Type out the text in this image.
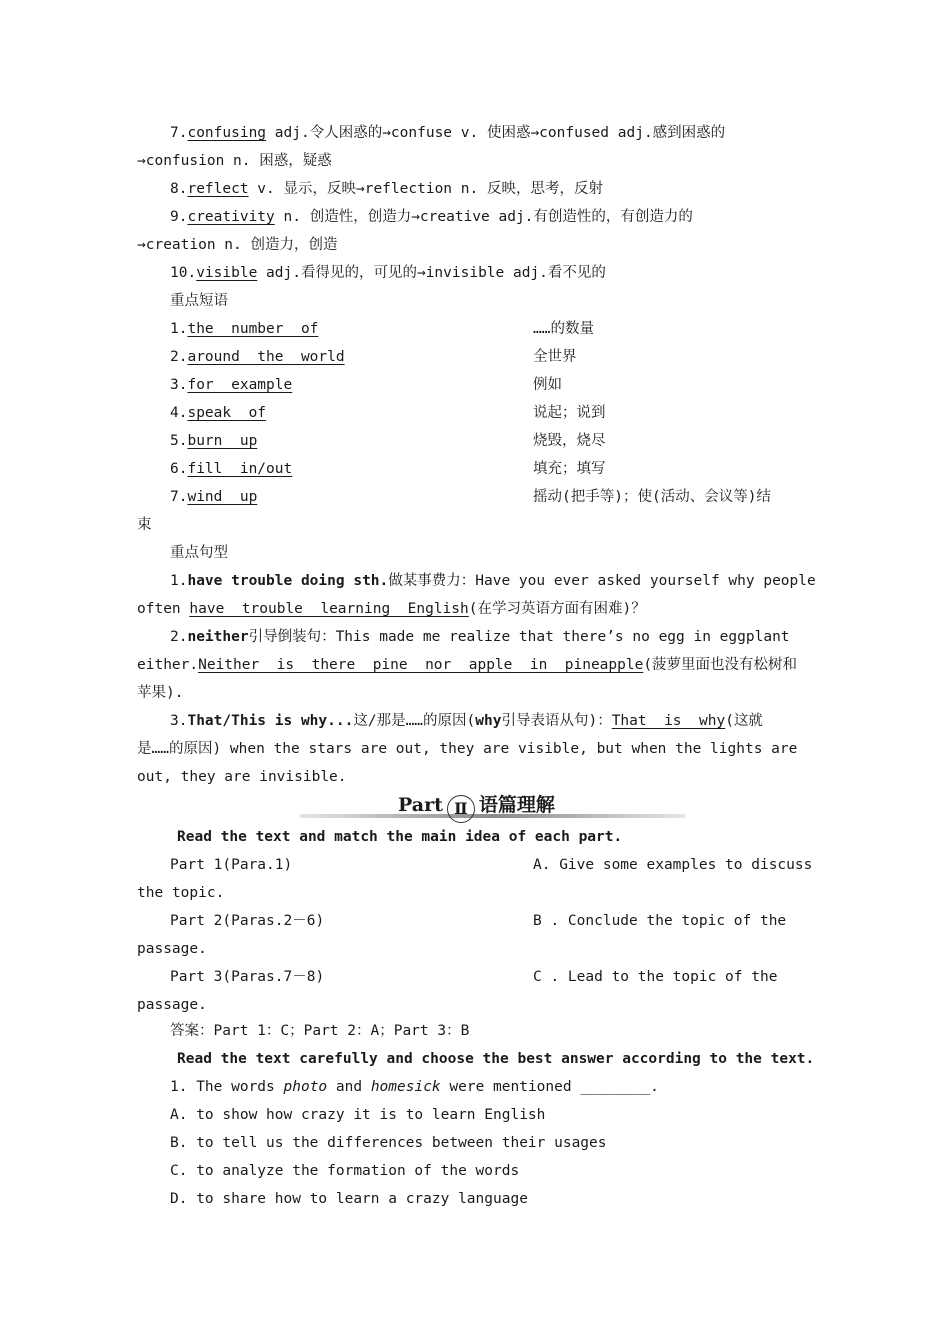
7.confusing adj.令人困惑的→confuse v. 使困惑→confused adj.感到困惑的
→confusion n. 困惑，疑惑
8.reflect v. 显示，反映→reflection n. 反映，思考，反射
9.creativity n. 创造性，创造力→creative adj.有创造性的，有创造力的
→creation n. 创造力，创造
10.visible adj.看得见的，可见的→invisible adj.看不见的
重点短语
1.the  number  of	……的数量
2.around  the  world	全世界
3.for  example	例如
4.speak  of	说起；说到
5.burn  up	烧毁，烧尽
6.fill  in/out	填充；填写
7.wind  up	摇动(把手等)；使(活动、会议等)结
束
重点句型
1.have trouble doing sth.做某事费力：Have you ever asked yourself why people
often have  trouble  learning  English(在学习英语方面有困难)？
2.neither引导倒装句：This made me realize that there’s no egg in eggplant
either.Neither  is  there  pine  nor  apple  in  pineapple(菠萝里面也没有松树和
苹果).
3.That/This is why...这/那是……的原因(why引导表语从句)：That  is  why(这就
是……的原因) when the stars are out, they are visible, but when the lights are
out, they are invisible.
Part Ⅱ 语篇理解
Read the text and match the main idea of each part.
Part 1(Para.1)	A. Give some examples to discuss
the topic.
Part 2(Paras.2－6)	B . Conclude the topic of the
passage.
Part 3(Paras.7－8)	C . Lead to the topic of the
passage.
答案：Part 1：C；Part 2：A；Part 3：B
Read the text carefully and choose the best answer according to the text.
1. The words photo and homesick were mentioned ________.
A. to show how crazy it is to learn English
B. to tell us the differences between their usages
C. to analyze the formation of the words
D. to share how to learn a crazy language
